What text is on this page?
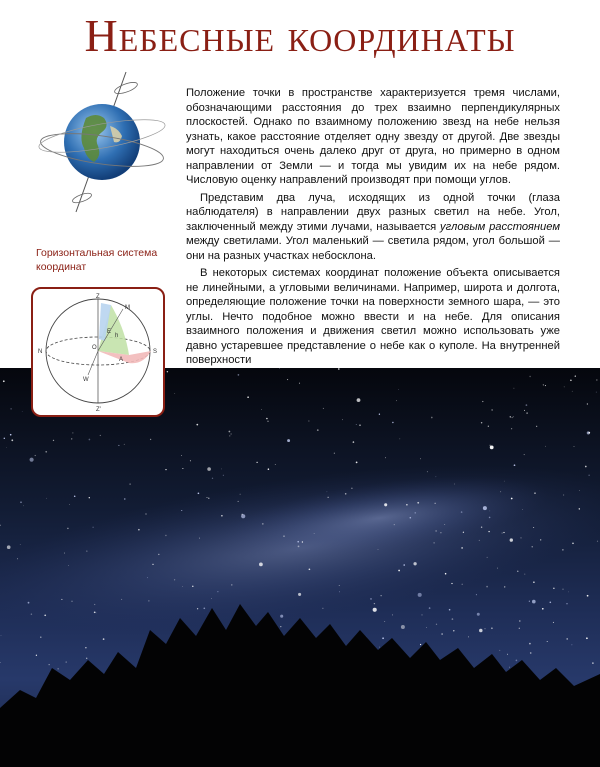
Небесные координаты
Горизонтальная система координат
Z
M
h
A
N
O
S
W
E
Z′

Положение точки в пространстве характеризуется тремя числами, обозначающими расстояния до трех взаимно перпендикулярных плоскостей. Однако по взаимному положению звезд на небе нельзя узнать, какое расстояние отделяет одну звезду от другой. Две звезды могут находиться очень далеко друг от друга, но примерно в одном направлении от Земли — и тогда мы увидим их на небе рядом. Числовую оценку направлений производят при помощи углов.

Представим два луча, исходящих из одной точки (глаза наблюдателя) в направлении двух разных светил на небе. Угол, заключенный между этими лучами, называется угловым расстоянием между светилами. Угол маленький — светила рядом, угол большой — они на разных участках небосклона.

В некоторых системах координат положение объекта описывается не линейными, а угловыми величинами. Например, широта и долгота, определяющие положение точки на поверхности земного шара, — это углы. Нечто подобное можно ввести и на небе. Для описания взаимного положения и движения светил можно использовать уже давно устаревшее представление о небе как о куполе. На внутренней поверхности
